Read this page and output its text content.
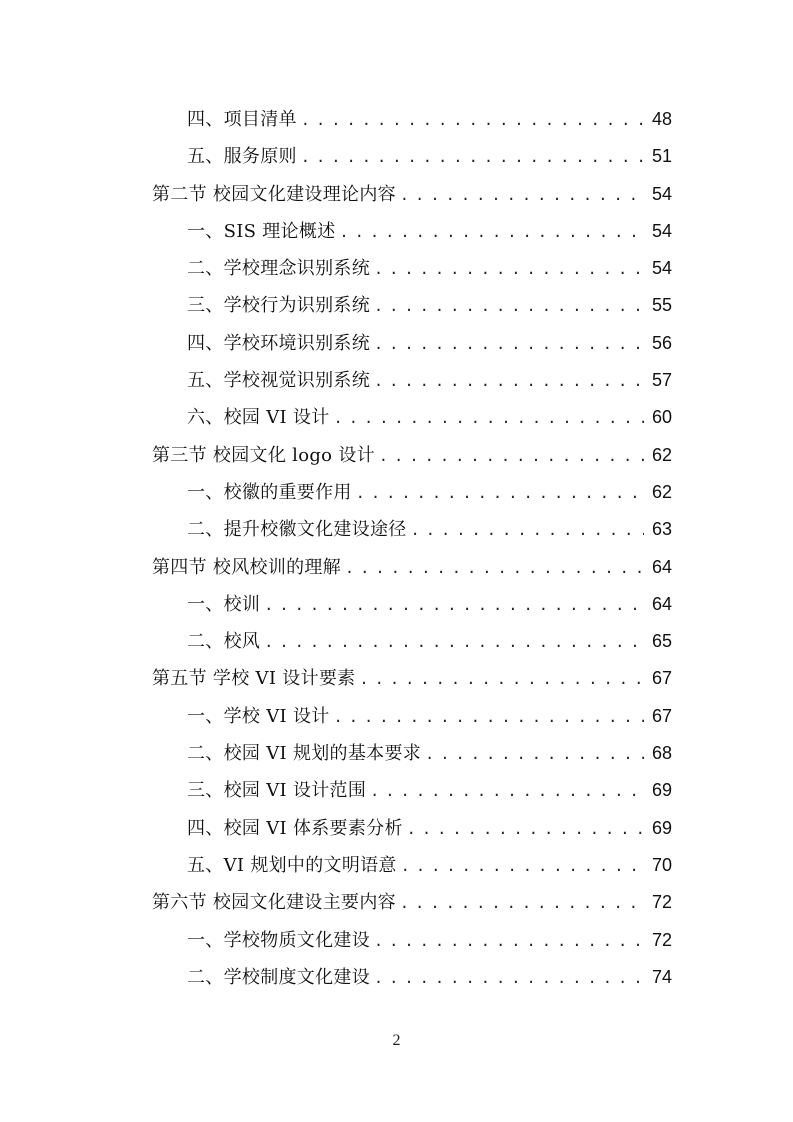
四、项目清单 . . .	48
五、服务原则 . . .	51
第二节 校园文化建设理论内容 . . .	54
一、SIS 理论概述 . . .	54
二、学校理念识别系统 . . .	54
三、学校行为识别系统 . . .	55
四、学校环境识别系统 . . .	56
五、学校视觉识别系统 . . .	57
六、校园 VI 设计 . . .	60
第三节 校园文化 logo 设计 . . .	62
一、校徽的重要作用 . . .	62
二、提升校徽文化建设途径 . . .	63
第四节 校风校训的理解 . . .	64
一、校训 . . .	64
二、校风 . . .	65
第五节 学校 VI 设计要素 . . .	67
一、学校 VI 设计 . . .	67
二、校园 VI 规划的基本要求 . . .	68
三、校园 VI 设计范围 . . .	69
四、校园 VI 体系要素分析 . . .	69
五、VI 规划中的文明语意 . . .	70
第六节 校园文化建设主要内容 . . .	72
一、学校物质文化建设 . . .	72
二、学校制度文化建设 . . .	74
2
